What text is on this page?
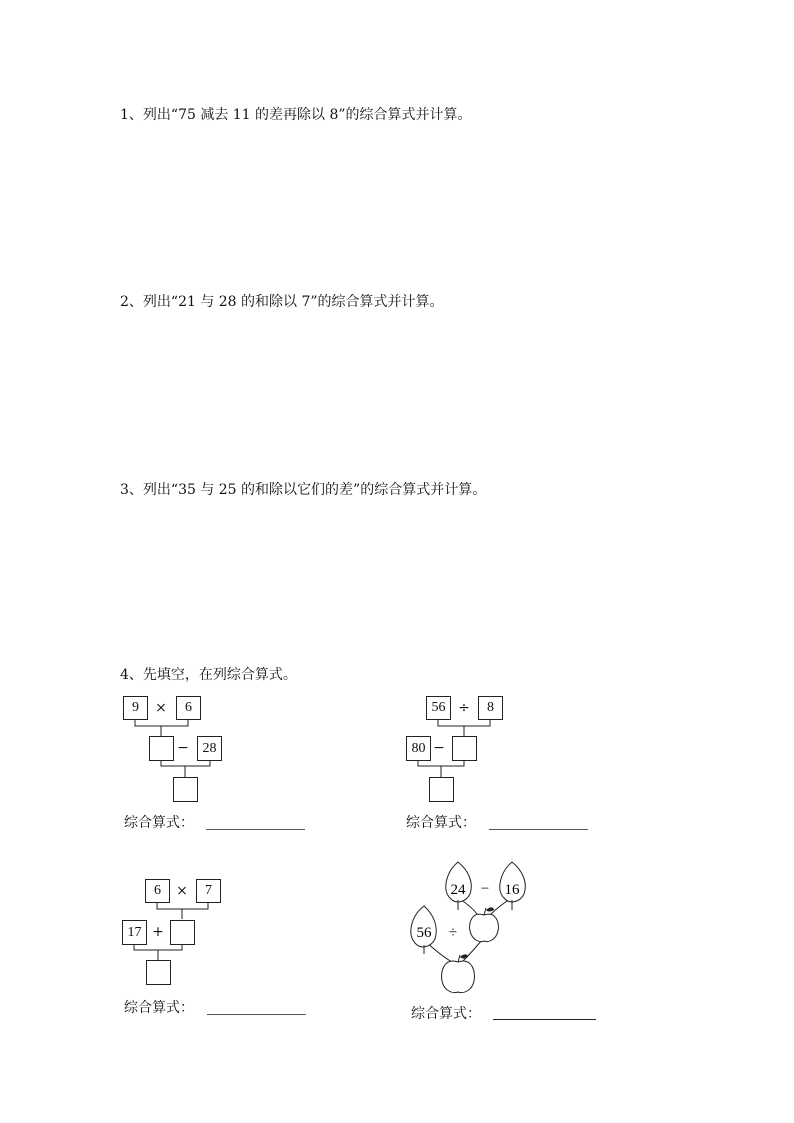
1、列出“75 减去 11 的差再除以 8”的综合算式并计算。
2、列出“21 与 28 的和除以 7”的综合算式并计算。
3、列出“35 与 25 的和除以它们的差”的综合算式并计算。
4、先填空，在列综合算式。
9	×	6
− 28
综合算式：
56 ÷	8
80 −
综合算式：
6	×	7
17 +
综合算式：
24 − 16
56 ÷
综合算式：
